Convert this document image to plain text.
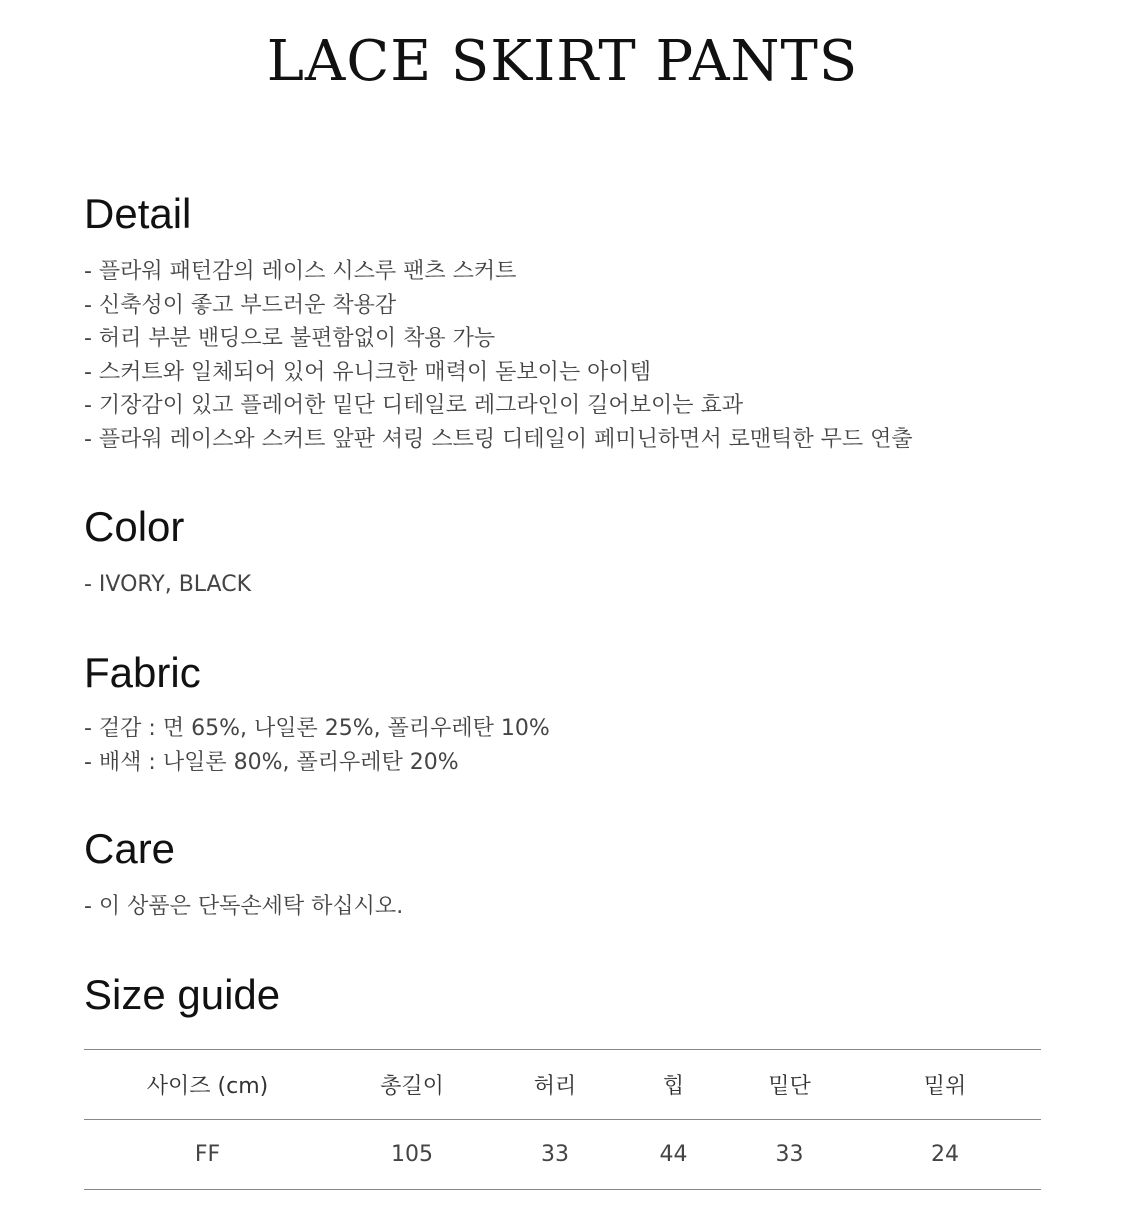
LACE SKIRT PANTS
Detail
- 플라워 패턴감의 레이스 시스루 팬츠 스커트
- 신축성이 좋고 부드러운 착용감
- 허리 부분 밴딩으로 불편함없이 착용 가능
- 스커트와 일체되어 있어 유니크한 매력이 돋보이는 아이템
- 기장감이 있고 플레어한 밑단 디테일로 레그라인이 길어보이는 효과
- 플라워 레이스와 스커트 앞판 셔링 스트링 디테일이 페미닌하면서 로맨틱한 무드 연출
Color
- IVORY, BLACK
Fabric
- 겉감 : 면 65%, 나일론 25%, 폴리우레탄 10%
- 배색 : 나일론 80%, 폴리우레탄 20%
Care
- 이 상품은 단독손세탁 하십시오.
Size guide
사이즈 (cm)	총길이	허리	힙	밑단	밑위
FF	105	33	44	33	24
